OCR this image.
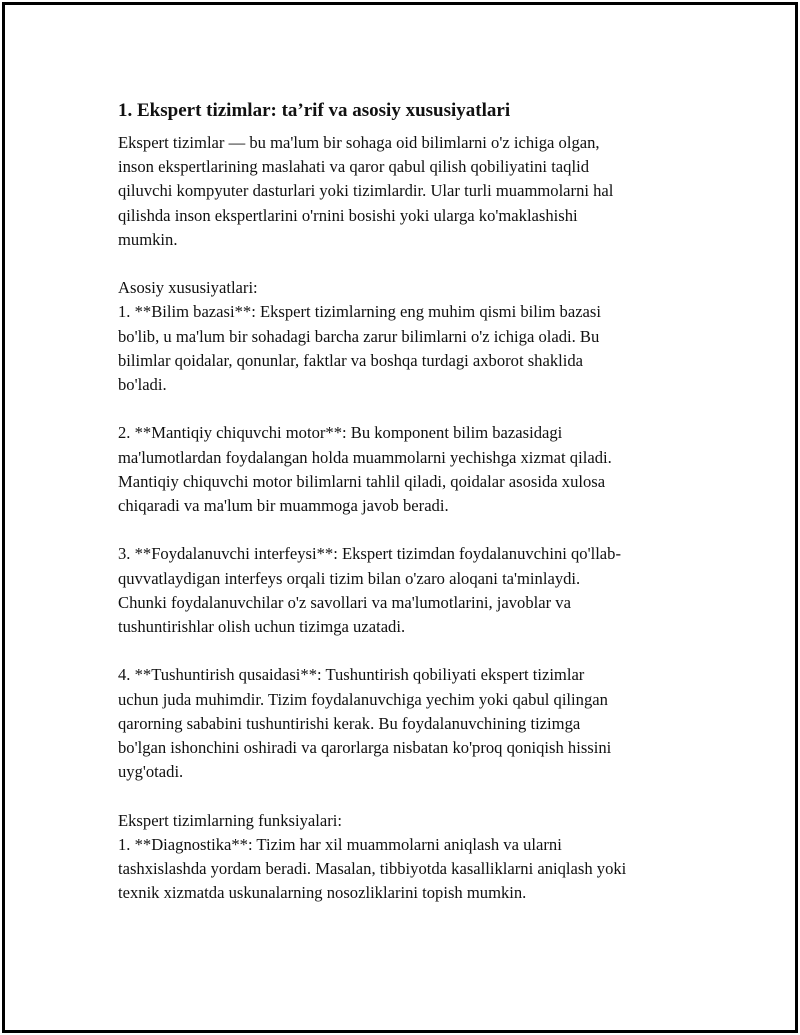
1. Ekspert tizimlar: ta’rif va asosiy xususiyatlari
Ekspert tizimlar — bu ma'lum bir sohaga oid bilimlarni o'z ichiga olgan,
inson ekspertlarining maslahati va qaror qabul qilish qobiliyatini taqlid
qiluvchi kompyuter dasturlari yoki tizimlardir. Ular turli muammolarni hal
qilishda inson ekspertlarini o'rnini bosishi yoki ularga ko'maklashishi
mumkin.
Asosiy xususiyatlari:
1. **Bilim bazasi**: Ekspert tizimlarning eng muhim qismi bilim bazasi
bo'lib, u ma'lum bir sohadagi barcha zarur bilimlarni o'z ichiga oladi. Bu
bilimlar qoidalar, qonunlar, faktlar va boshqa turdagi axborot shaklida
bo'ladi.
2. **Mantiqiy chiquvchi motor**: Bu komponent bilim bazasidagi
ma'lumotlardan foydalangan holda muammolarni yechishga xizmat qiladi.
Mantiqiy chiquvchi motor bilimlarni tahlil qiladi, qoidalar asosida xulosa
chiqaradi va ma'lum bir muammoga javob beradi.
3. **Foydalanuvchi interfeysi**: Ekspert tizimdan foydalanuvchini qo'llab-
quvvatlaydigan interfeys orqali tizim bilan o'zaro aloqani ta'minlaydi.
Chunki foydalanuvchilar o'z savollari va ma'lumotlarini, javoblar va
tushuntirishlar olish uchun tizimga uzatadi.
4. **Tushuntirish qusaidasi**: Tushuntirish qobiliyati ekspert tizimlar
uchun juda muhimdir. Tizim foydalanuvchiga yechim yoki qabul qilingan
qarorning sababini tushuntirishi kerak. Bu foydalanuvchining tizimga
bo'lgan ishonchini oshiradi va qarorlarga nisbatan ko'proq qoniqish hissini
uyg'otadi.
Ekspert tizimlarning funksiyalari:
1. **Diagnostika**: Tizim har xil muammolarni aniqlash va ularni
tashxislashda yordam beradi. Masalan, tibbiyotda kasalliklarni aniqlash yoki
texnik xizmatda uskunalarning nosozliklarini topish mumkin.
